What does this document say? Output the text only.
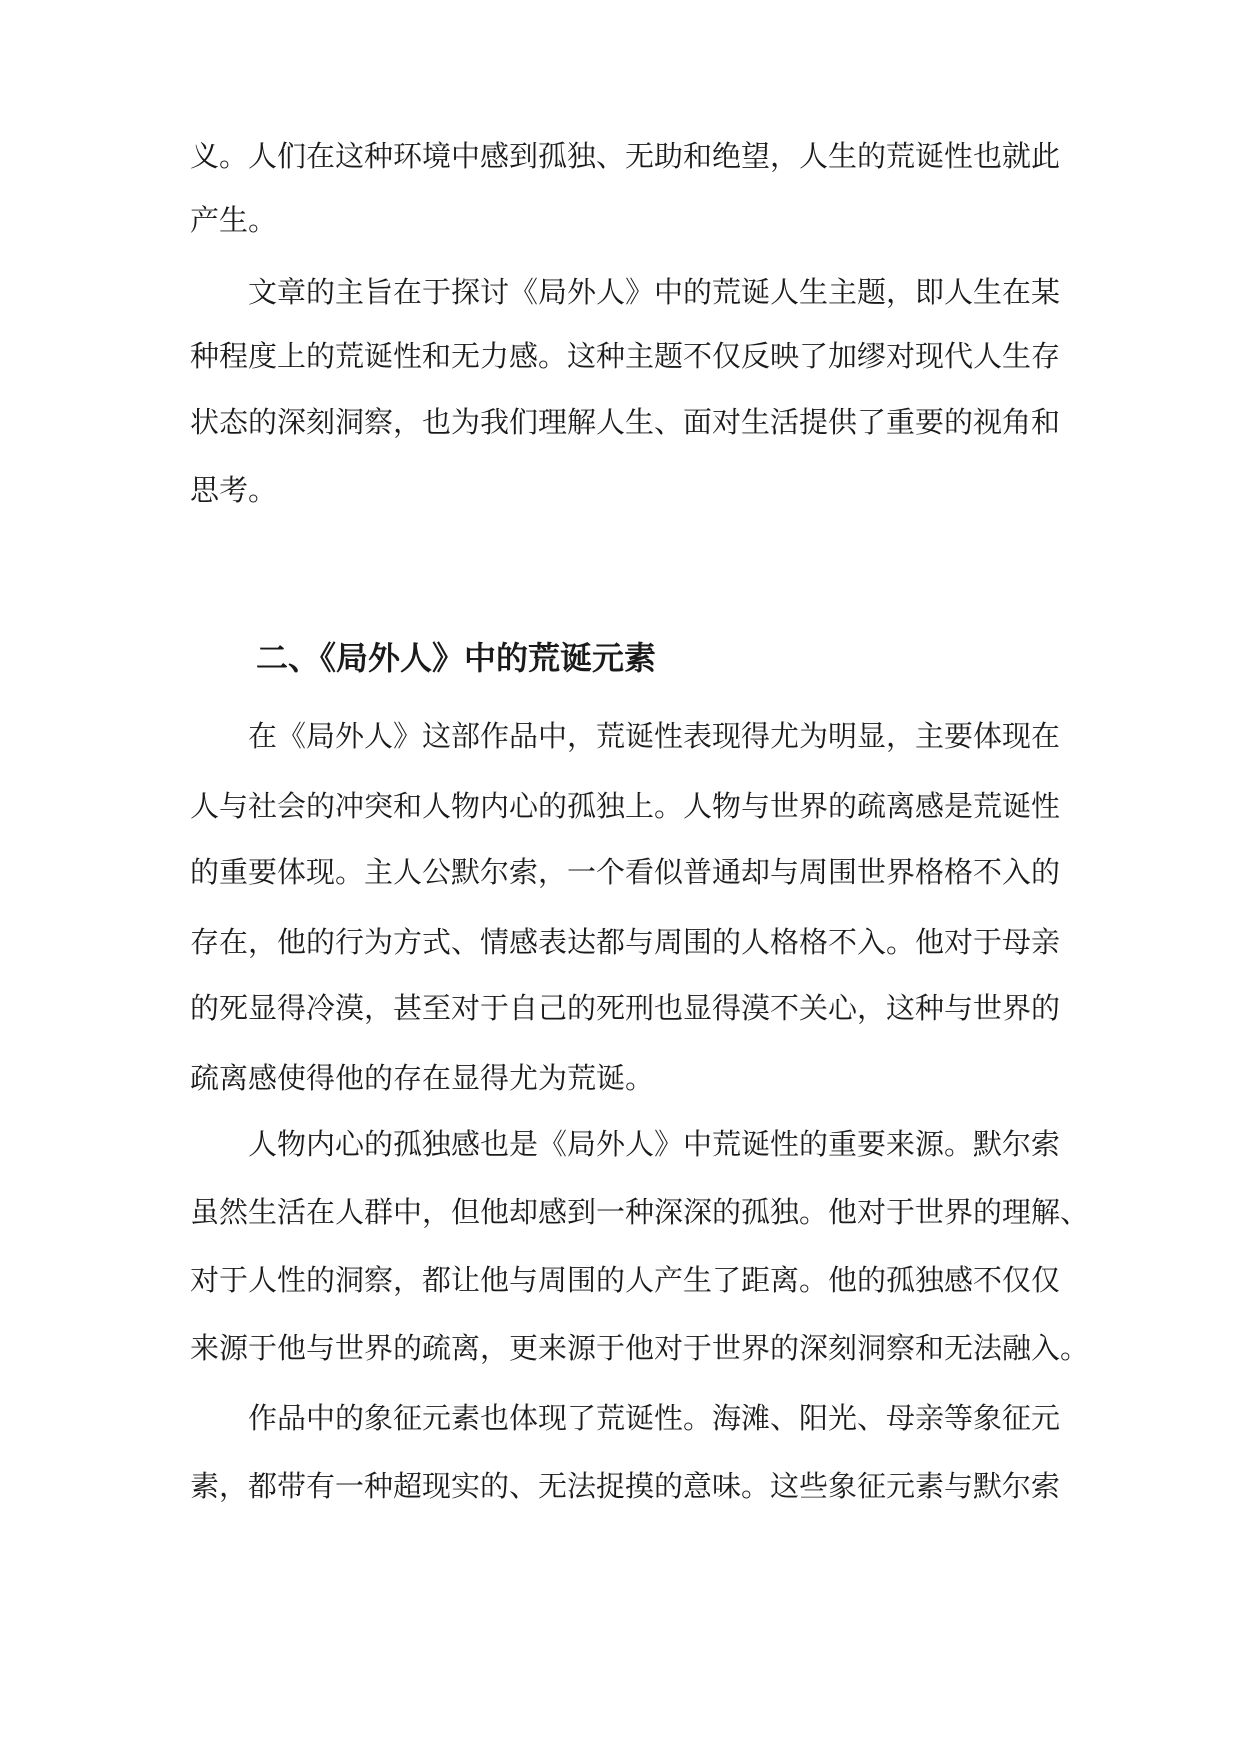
义。人们在这种环境中感到孤独、无助和绝望，人生的荒诞性也就此
产生。
文章的主旨在于探讨《局外人》中的荒诞人生主题，即人生在某
种程度上的荒诞性和无力感。这种主题不仅反映了加缪对现代人生存
状态的深刻洞察，也为我们理解人生、面对生活提供了重要的视角和
思考。
二、《局外人》中的荒诞元素
在《局外人》这部作品中，荒诞性表现得尤为明显，主要体现在
人与社会的冲突和人物内心的孤独上。人物与世界的疏离感是荒诞性
的重要体现。主人公默尔索，一个看似普通却与周围世界格格不入的
存在，他的行为方式、情感表达都与周围的人格格不入。他对于母亲
的死显得冷漠，甚至对于自己的死刑也显得漠不关心，这种与世界的
疏离感使得他的存在显得尤为荒诞。
人物内心的孤独感也是《局外人》中荒诞性的重要来源。默尔索
虽然生活在人群中，但他却感到一种深深的孤独。他对于世界的理解、
对于人性的洞察，都让他与周围的人产生了距离。他的孤独感不仅仅
来源于他与世界的疏离，更来源于他对于世界的深刻洞察和无法融入。
作品中的象征元素也体现了荒诞性。海滩、阳光、母亲等象征元
素，都带有一种超现实的、无法捉摸的意味。这些象征元素与默尔索
